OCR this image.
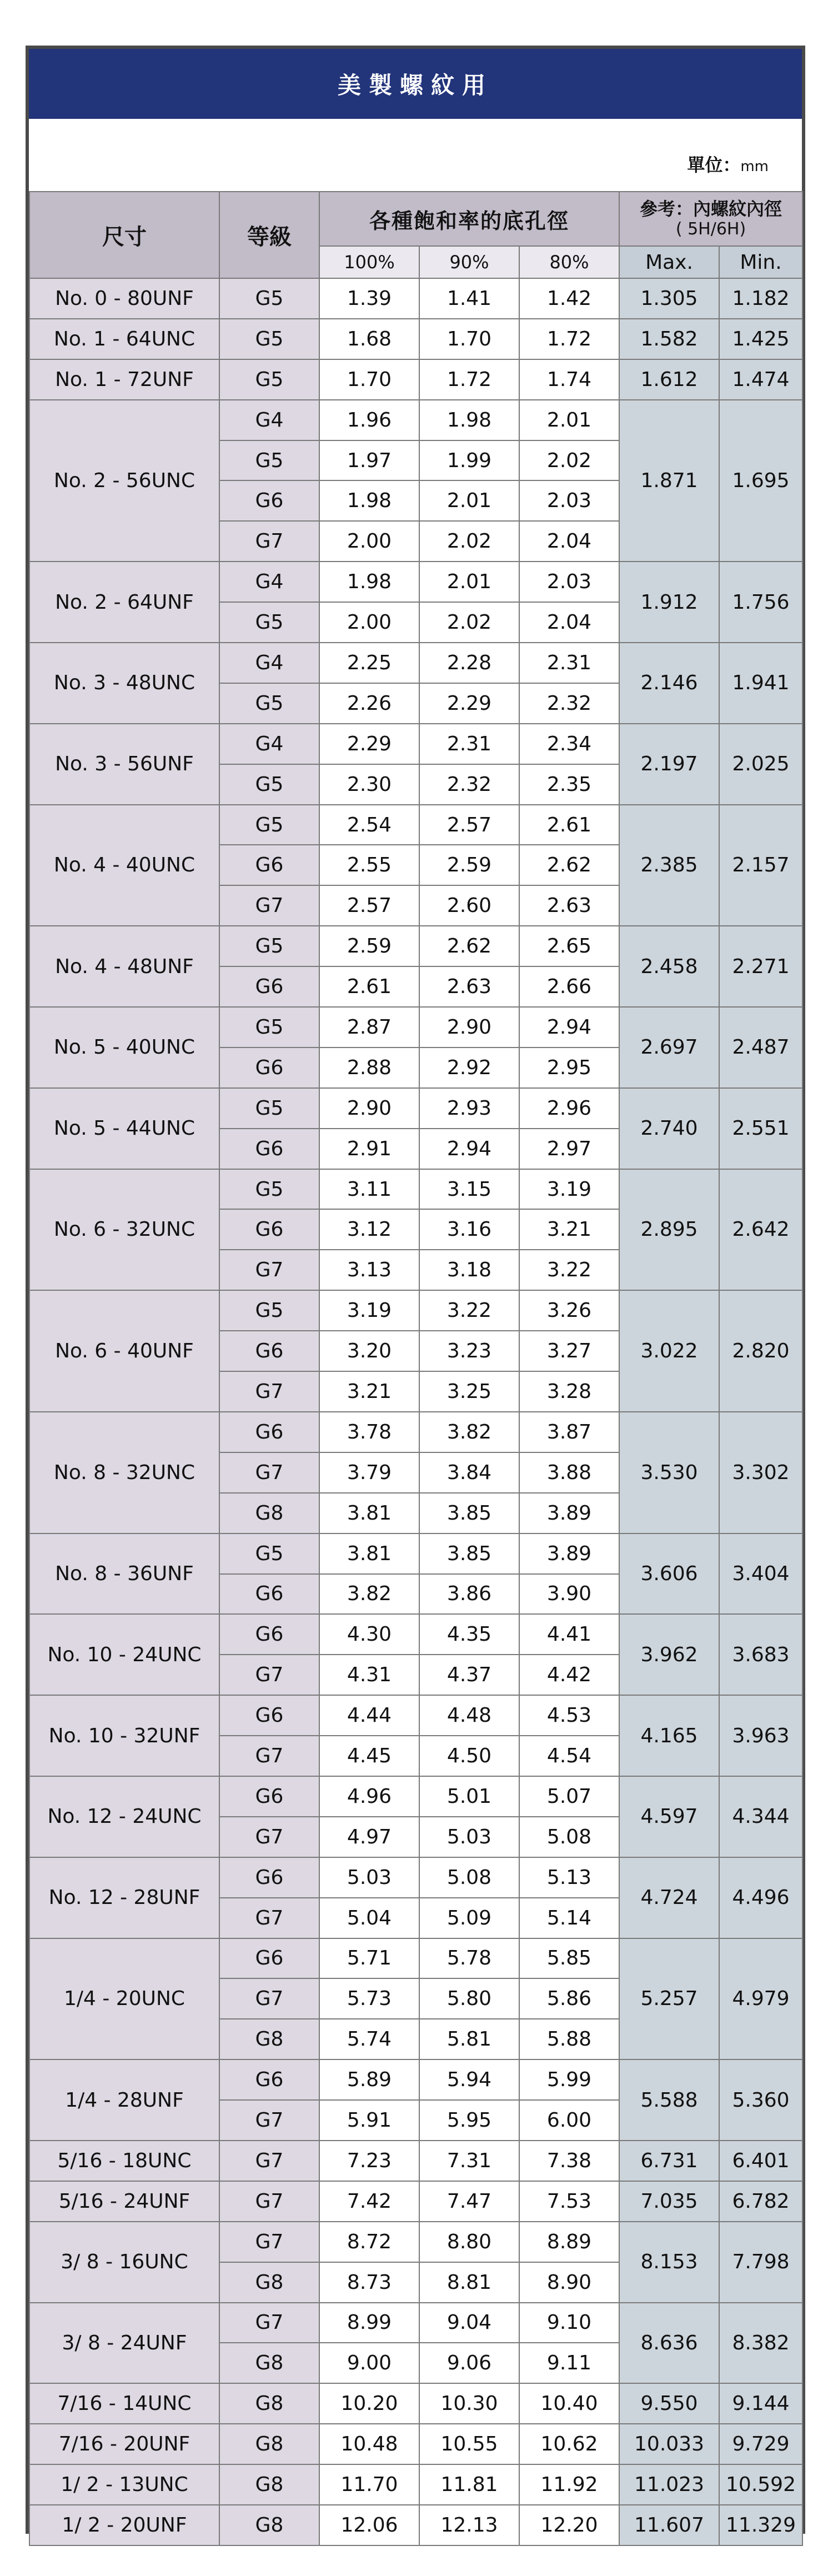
美製螺紋用
單位：mm
尺寸	等級	各種飽和率的底孔徑			參考：內螺紋內徑
( 5H/6H)	

		100%	90%	80%	Max.	Min.
No. 0 - 80UNF	G5	1.39	1.41	1.42	1.305	1.182
No. 1 - 64UNC	G5	1.68	1.70	1.72	1.582	1.425
No. 1 - 72UNF	G5	1.70	1.72	1.74	1.612	1.474
No. 2 - 56UNC	G4	1.96	1.98	2.01	1.871	1.695
	G5	1.97	1.99	2.02		
	G6	1.98	2.01	2.03		
	G7	2.00	2.02	2.04		
No. 2 - 64UNF	G4	1.98	2.01	2.03	1.912	1.756
	G5	2.00	2.02	2.04		
No. 3 - 48UNC	G4	2.25	2.28	2.31	2.146	1.941
	G5	2.26	2.29	2.32		
No. 3 - 56UNF	G4	2.29	2.31	2.34	2.197	2.025
	G5	2.30	2.32	2.35		
No. 4 - 40UNC	G5	2.54	2.57	2.61	2.385	2.157
	G6	2.55	2.59	2.62		
	G7	2.57	2.60	2.63		
No. 4 - 48UNF	G5	2.59	2.62	2.65	2.458	2.271
	G6	2.61	2.63	2.66		
No. 5 - 40UNC	G5	2.87	2.90	2.94	2.697	2.487
	G6	2.88	2.92	2.95		
No. 5 - 44UNC	G5	2.90	2.93	2.96	2.740	2.551
	G6	2.91	2.94	2.97		
No. 6 - 32UNC	G5	3.11	3.15	3.19	2.895	2.642
	G6	3.12	3.16	3.21		
	G7	3.13	3.18	3.22		
No. 6 - 40UNF	G5	3.19	3.22	3.26	3.022	2.820
	G6	3.20	3.23	3.27		
	G7	3.21	3.25	3.28		
No. 8 - 32UNC	G6	3.78	3.82	3.87	3.530	3.302
	G7	3.79	3.84	3.88		
	G8	3.81	3.85	3.89		
No. 8 - 36UNF	G5	3.81	3.85	3.89	3.606	3.404
	G6	3.82	3.86	3.90		
No. 10 - 24UNC	G6	4.30	4.35	4.41	3.962	3.683
	G7	4.31	4.37	4.42		
No. 10 - 32UNF	G6	4.44	4.48	4.53	4.165	3.963
	G7	4.45	4.50	4.54		
No. 12 - 24UNC	G6	4.96	5.01	5.07	4.597	4.344
	G7	4.97	5.03	5.08		
No. 12 - 28UNF	G6	5.03	5.08	5.13	4.724	4.496
	G7	5.04	5.09	5.14		
1/4 - 20UNC	G6	5.71	5.78	5.85	5.257	4.979
	G7	5.73	5.80	5.86		
	G8	5.74	5.81	5.88		
1/4 - 28UNF	G6	5.89	5.94	5.99	5.588	5.360
	G7	5.91	5.95	6.00		
5/16 - 18UNC	G7	7.23	7.31	7.38	6.731	6.401
5/16 - 24UNF	G7	7.42	7.47	7.53	7.035	6.782
3/ 8 - 16UNC	G7	8.72	8.80	8.89	8.153	7.798
	G8	8.73	8.81	8.90		
3/ 8 - 24UNF	G7	8.99	9.04	9.10	8.636	8.382
	G8	9.00	9.06	9.11		
7/16 - 14UNC	G8	10.20	10.30	10.40	9.550	9.144
7/16 - 20UNF	G8	10.48	10.55	10.62	10.033	9.729
1/ 2 - 13UNC	G8	11.70	11.81	11.92	11.023	10.592
1/ 2 - 20UNF	G8	12.06	12.13	12.20	11.607	11.329
